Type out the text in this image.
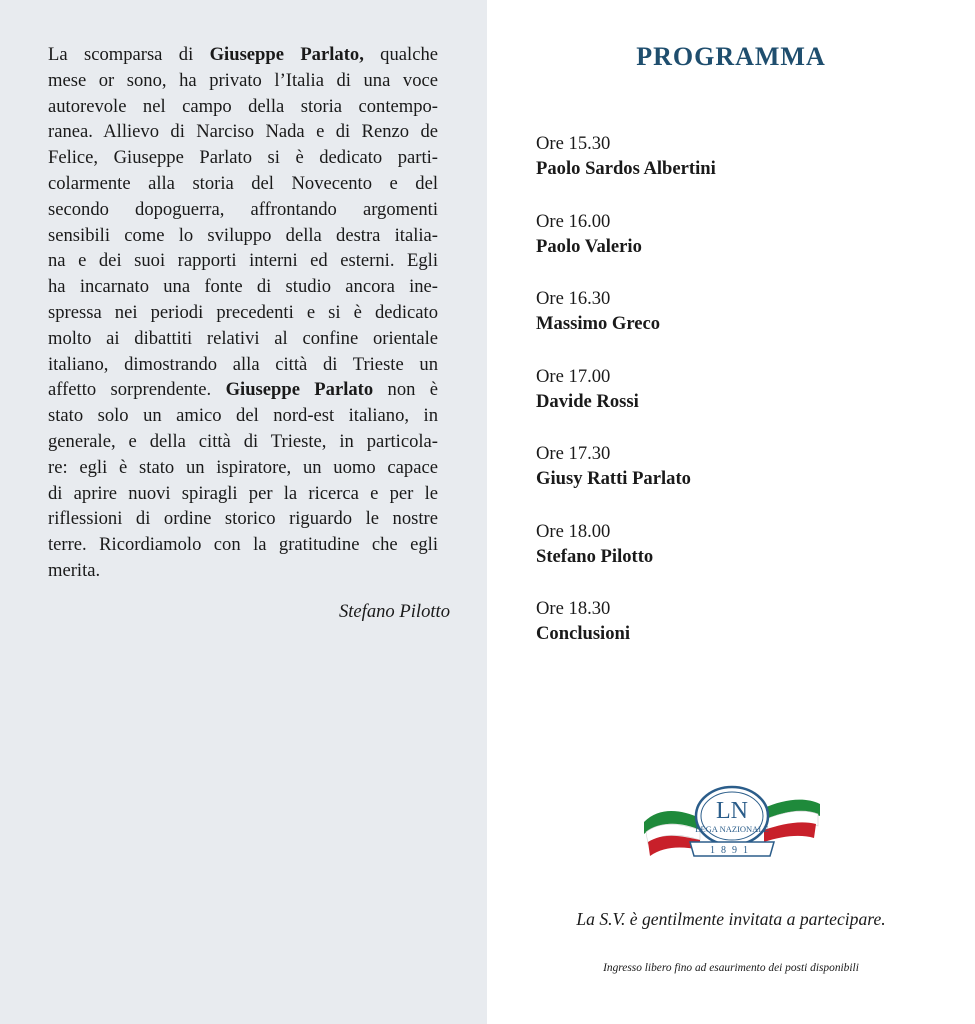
La scomparsa di Giuseppe Parlato, qualche
mese or sono, ha privato l’Italia di una voce
autorevole nel campo della storia contempo-
ranea. Allievo di Narciso Nada e di Renzo de
Felice, Giuseppe Parlato si è dedicato parti-
colarmente alla storia del Novecento e del
secondo dopoguerra, affrontando argomenti
sensibili come lo sviluppo della destra italia-
na e dei suoi rapporti interni ed esterni. Egli
ha incarnato una fonte di studio ancora ine-
spressa nei periodi precedenti e si è dedicato
molto ai dibattiti relativi al confine orientale
italiano, dimostrando alla città di Trieste un
affetto sorprendente. Giuseppe Parlato non è
stato solo un amico del nord-est italiano, in
generale, e della città di Trieste, in particola-
re: egli è stato un ispiratore, un uomo capace
di aprire nuovi spiragli per la ricerca e per le
riflessioni di ordine storico riguardo le nostre
terre. Ricordiamolo con la gratitudine che egli
merita.
Stefano Pilotto
PROGRAMMA
Ore 15.30
Paolo Sardos Albertini
Ore 16.00
Paolo Valerio
Ore 16.30
Massimo Greco
Ore 17.00
Davide Rossi
Ore 17.30
Giusy Ratti Parlato
Ore 18.00
Stefano Pilotto
Ore 18.30
Conclusioni
LN
LEGA NAZIONALE
1891
La S.V. è gentilmente invitata a partecipare.
Ingresso libero fino ad esaurimento dei posti disponibili
